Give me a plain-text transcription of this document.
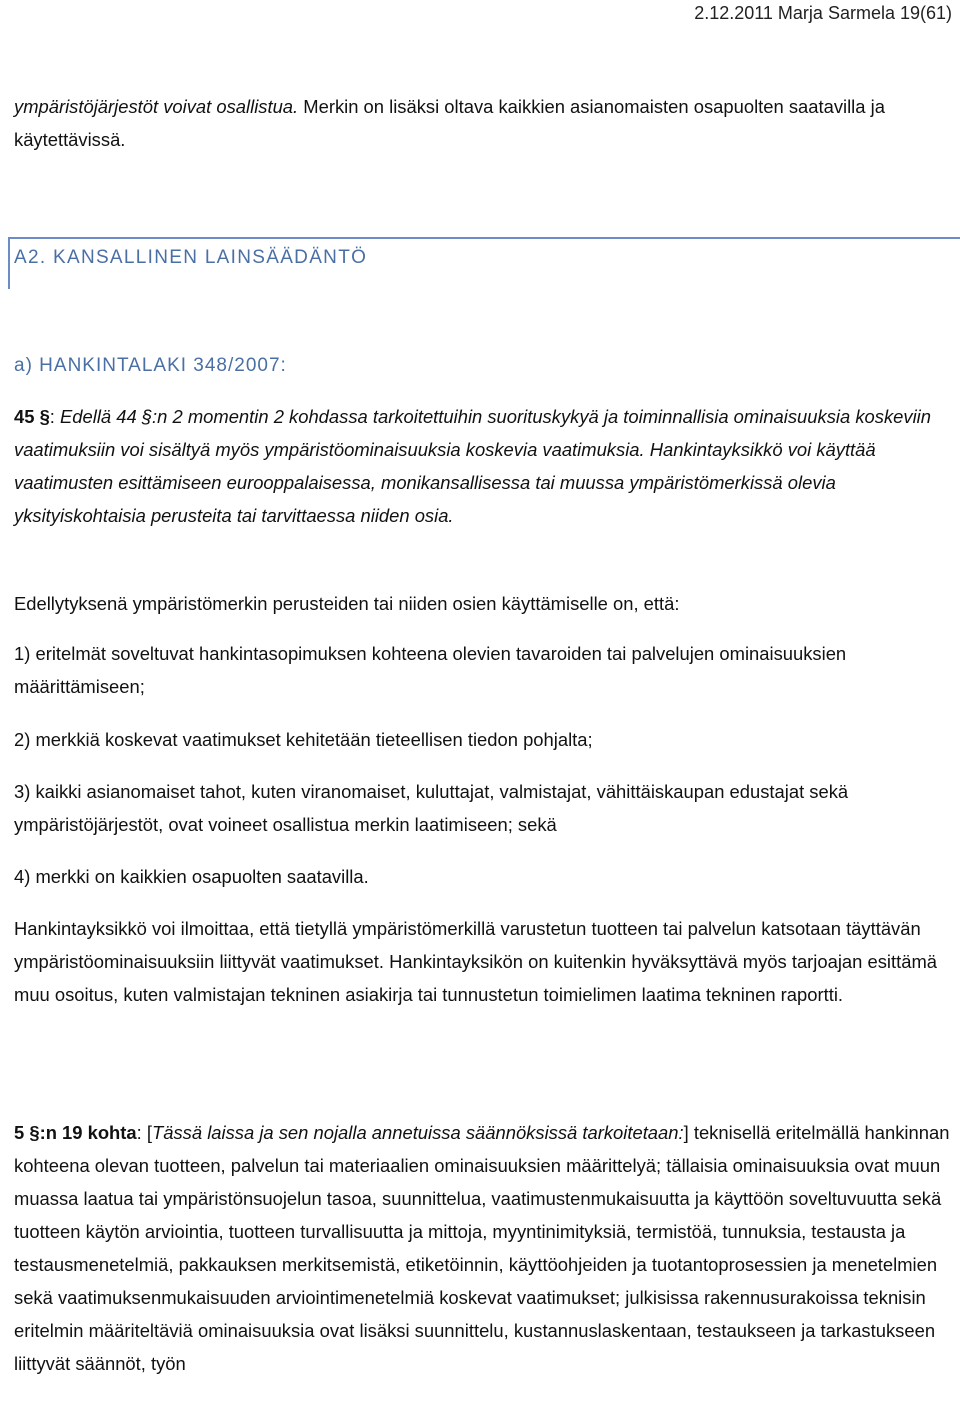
2.12.2011 Marja Sarmela 19(61)
ympäristöjärjestöt voivat osallistua. Merkin on lisäksi oltava kaikkien asianomaisten osapuolten saatavilla ja käytettävissä.
A2. KANSALLINEN LAINSÄÄDÄNTÖ
a) HANKINTALAKI 348/2007:
45 §: Edellä 44 §:n 2 momentin 2 kohdassa tarkoitettuihin suorituskykyä ja toiminnallisia ominaisuuksia koskeviin vaatimuksiin voi sisältyä myös ympäristöominaisuuksia koskevia vaatimuksia. Hankintayksikkö voi käyttää vaatimusten esittämiseen eurooppalaisessa, monikansallisessa tai muussa ympäristömerkissä olevia yksityiskohtaisia perusteita tai tarvittaessa niiden osia.
Edellytyksenä ympäristömerkin perusteiden tai niiden osien käyttämiselle on, että:
1) eritelmät soveltuvat hankintasopimuksen kohteena olevien tavaroiden tai palvelujen ominaisuuksien määrittämiseen;
2) merkkiä koskevat vaatimukset kehitetään tieteellisen tiedon pohjalta;
3) kaikki asianomaiset tahot, kuten viranomaiset, kuluttajat, valmistajat, vähittäiskaupan edustajat sekä ympäristöjärjestöt, ovat voineet osallistua merkin laatimiseen; sekä
4) merkki on kaikkien osapuolten saatavilla.
Hankintayksikkö voi ilmoittaa, että tietyllä ympäristömerkillä varustetun tuotteen tai palvelun katsotaan täyttävän ympäristöominaisuuksiin liittyvät vaatimukset. Hankintayksikön on kuitenkin hyväksyttävä myös tarjoajan esittämä muu osoitus, kuten valmistajan tekninen asiakirja tai tunnustetun toimielimen laatima tekninen raportti.
5 §:n 19 kohta: [Tässä laissa ja sen nojalla annetuissa säännöksissä tarkoitetaan:] teknisellä eritelmällä hankinnan kohteena olevan tuotteen, palvelun tai materiaalien ominaisuuksien määrittelyä; tällaisia ominaisuuksia ovat muun muassa laatua tai ympäristönsuojelun tasoa, suunnittelua, vaatimustenmukaisuutta ja käyttöön soveltuvuutta sekä tuotteen käytön arviointia, tuotteen turvallisuutta ja mittoja, myyntinimityksiä, termistöä, tunnuksia, testausta ja testausmenetelmiä, pakkauksen merkitsemistä, etiketöinnin, käyttöohjeiden ja tuotantoprosessien ja menetelmien sekä vaatimuksenmukaisuuden arviointimenetelmiä koskevat vaatimukset; julkisissa rakennusurakoissa teknisin eritelmin määriteltäviä ominaisuuksia ovat lisäksi suunnittelu, kustannuslaskentaan, testaukseen ja tarkastukseen liittyvät säännöt, työn
